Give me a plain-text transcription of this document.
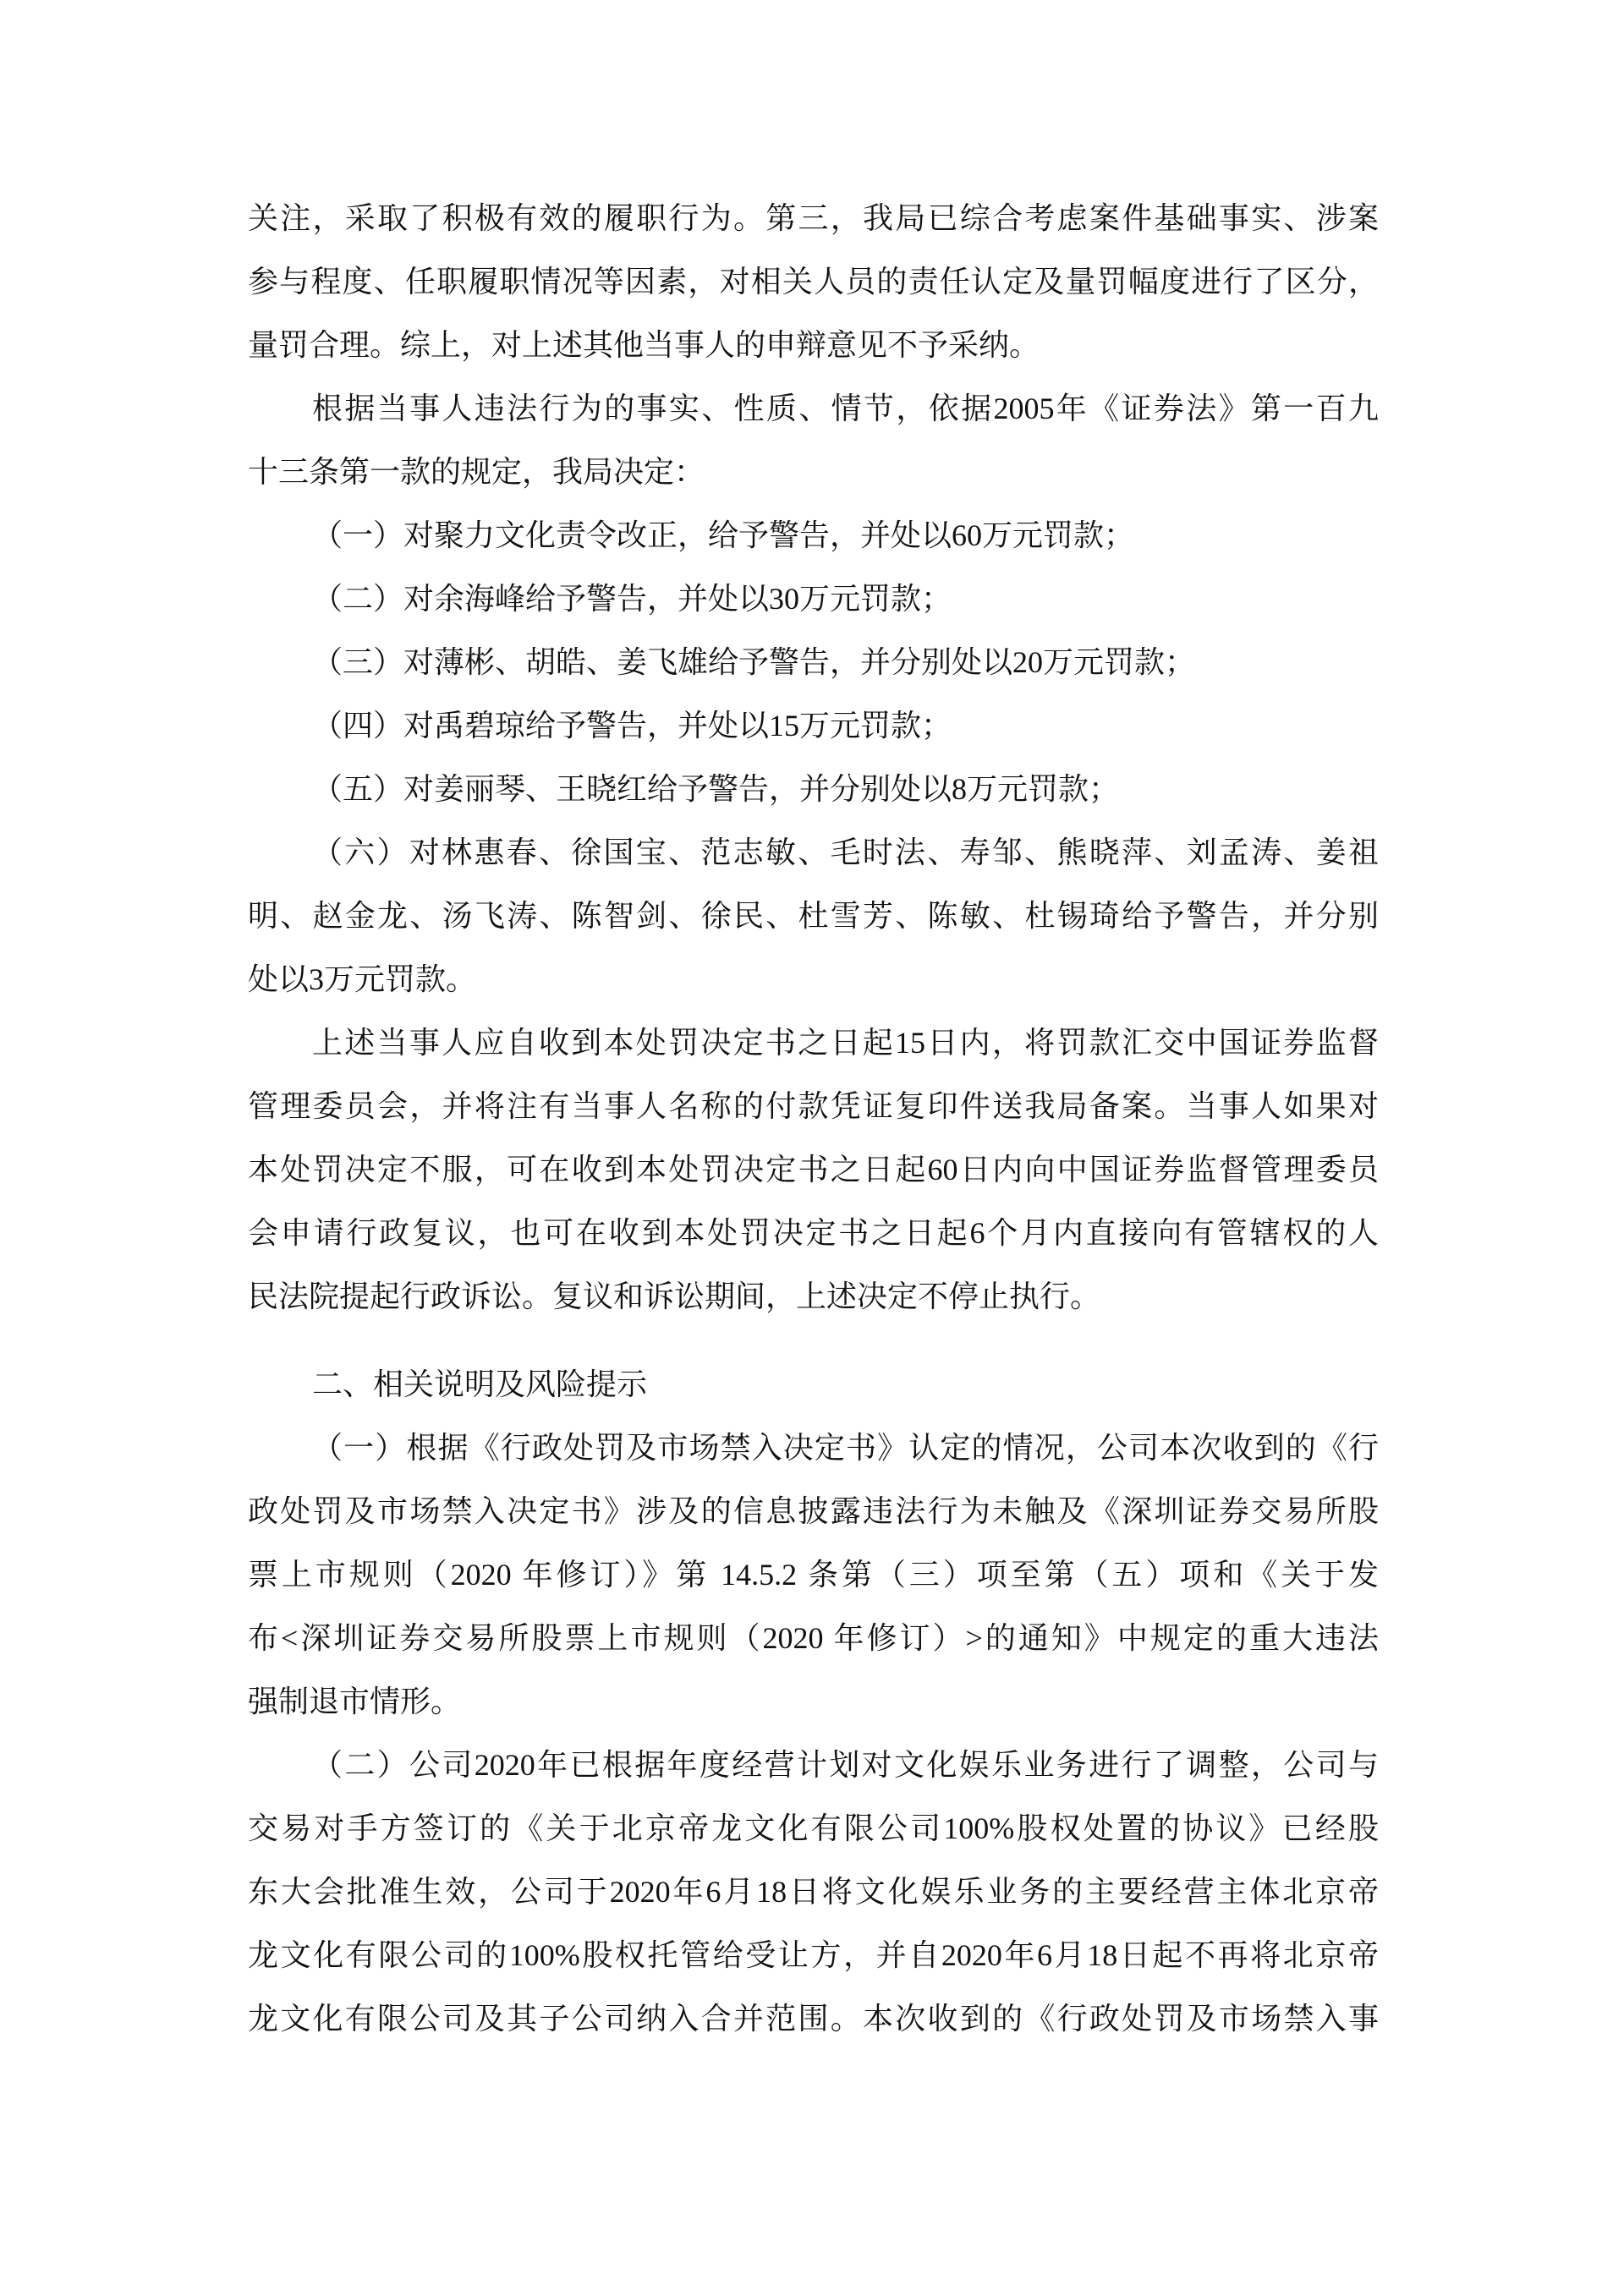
关注，采取了积极有效的履职行为。第三，我局已综合考虑案件基础事实、涉案
参与程度、任职履职情况等因素，对相关人员的责任认定及量罚幅度进行了区分，
量罚合理。综上，对上述其他当事人的申辩意见不予采纳。
根据当事人违法行为的事实、性质、情节，依据2005年《证券法》第一百九
十三条第一款的规定，我局决定：
（一）对聚力文化责令改正，给予警告，并处以60万元罚款；
（二）对余海峰给予警告，并处以30万元罚款；
（三）对薄彬、胡皓、姜飞雄给予警告，并分别处以20万元罚款；
（四）对禹碧琼给予警告，并处以15万元罚款；
（五）对姜丽琴、王晓红给予警告，并分别处以8万元罚款；
（六）对林惠春、徐国宝、范志敏、毛时法、寿邹、熊晓萍、刘孟涛、姜祖
明、赵金龙、汤飞涛、陈智剑、徐民、杜雪芳、陈敏、杜锡琦给予警告，并分别
处以3万元罚款。
上述当事人应自收到本处罚决定书之日起15日内，将罚款汇交中国证券监督
管理委员会，并将注有当事人名称的付款凭证复印件送我局备案。当事人如果对
本处罚决定不服，可在收到本处罚决定书之日起60日内向中国证券监督管理委员
会申请行政复议，也可在收到本处罚决定书之日起6个月内直接向有管辖权的人
民法院提起行政诉讼。复议和诉讼期间，上述决定不停止执行。
二、相关说明及风险提示
（一）根据《行政处罚及市场禁入决定书》认定的情况，公司本次收到的《行
政处罚及市场禁入决定书》涉及的信息披露违法行为未触及《深圳证券交易所股
票上市规则（2020 年修订）》第 14.5.2 条第（三）项至第（五）项和《关于发
布<深圳证券交易所股票上市规则（2020 年修订）>的通知》中规定的重大违法
强制退市情形。
（二）公司2020年已根据年度经营计划对文化娱乐业务进行了调整，公司与
交易对手方签订的《关于北京帝龙文化有限公司100%股权处置的协议》已经股
东大会批准生效，公司于2020年6月18日将文化娱乐业务的主要经营主体北京帝
龙文化有限公司的100%股权托管给受让方，并自2020年6月18日起不再将北京帝
龙文化有限公司及其子公司纳入合并范围。本次收到的《行政处罚及市场禁入事
